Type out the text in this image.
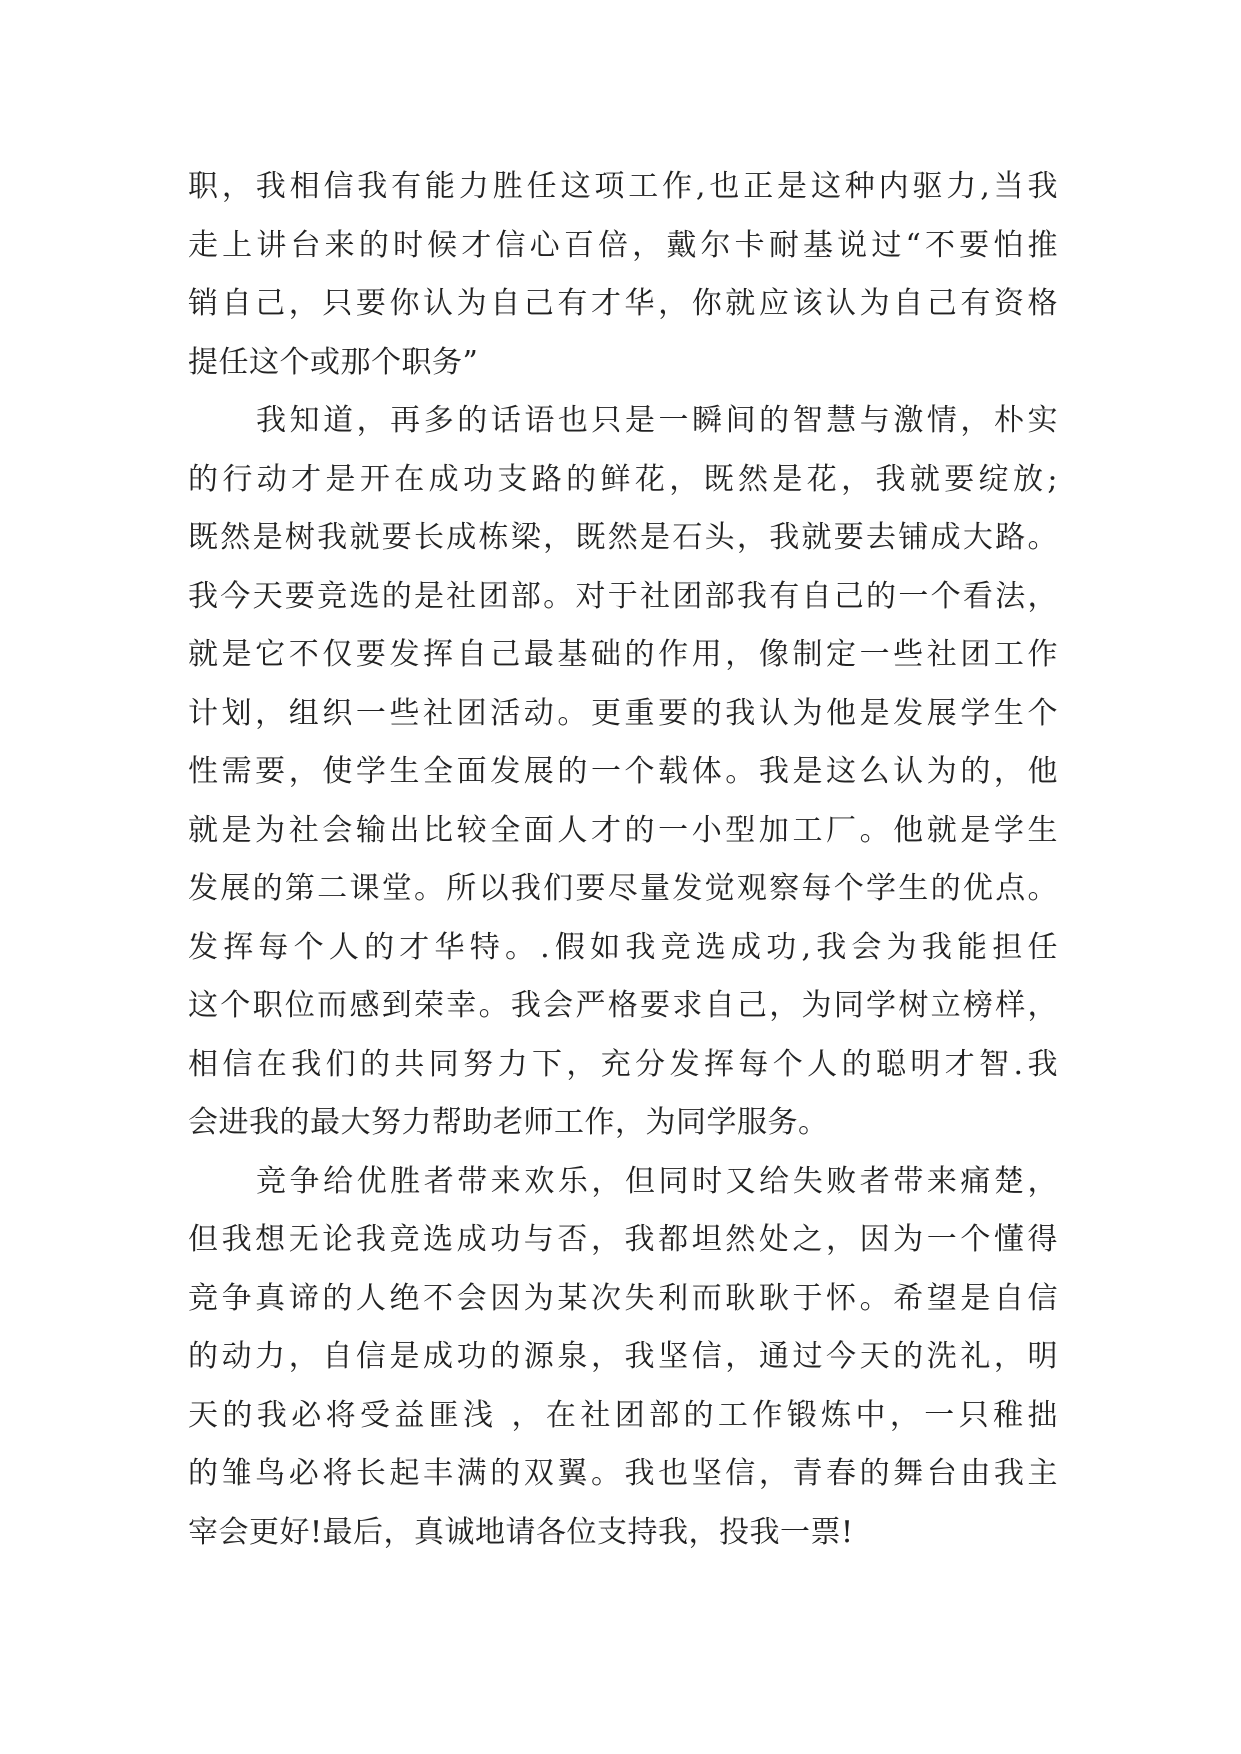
职，我相信我有能力胜任这项工作,也正是这种内驱力,当我
走上讲台来的时候才信心百倍，戴尔卡耐基说过“不要怕推
销自己，只要你认为自己有才华，你就应该认为自己有资格
提任这个或那个职务”
我知道，再多的话语也只是一瞬间的智慧与激情，朴实
的行动才是开在成功支路的鲜花，既然是花，我就要绽放;
既然是树我就要长成栋梁，既然是石头，我就要去铺成大路。
我今天要竞选的是社团部。对于社团部我有自己的一个看法，
就是它不仅要发挥自己最基础的作用，像制定一些社团工作
计划，组织一些社团活动。更重要的我认为他是发展学生个
性需要，使学生全面发展的一个载体。我是这么认为的，他
就是为社会输出比较全面人才的一小型加工厂。他就是学生
发展的第二课堂。所以我们要尽量发觉观察每个学生的优点。
发挥每个人的才华特。.假如我竞选成功,我会为我能担任
这个职位而感到荣幸。我会严格要求自己，为同学树立榜样，
相信在我们的共同努力下，充分发挥每个人的聪明才智.我
会进我的最大努力帮助老师工作，为同学服务。
竞争给优胜者带来欢乐，但同时又给失败者带来痛楚，
但我想无论我竞选成功与否，我都坦然处之，因为一个懂得
竞争真谛的人绝不会因为某次失利而耿耿于怀。希望是自信
的动力，自信是成功的源泉，我坚信，通过今天的洗礼，明
天的我必将受益匪浅 ，在社团部的工作锻炼中，一只稚拙
的雏鸟必将长起丰满的双翼。我也坚信，青春的舞台由我主
宰会更好!最后，真诚地请各位支持我，投我一票!
